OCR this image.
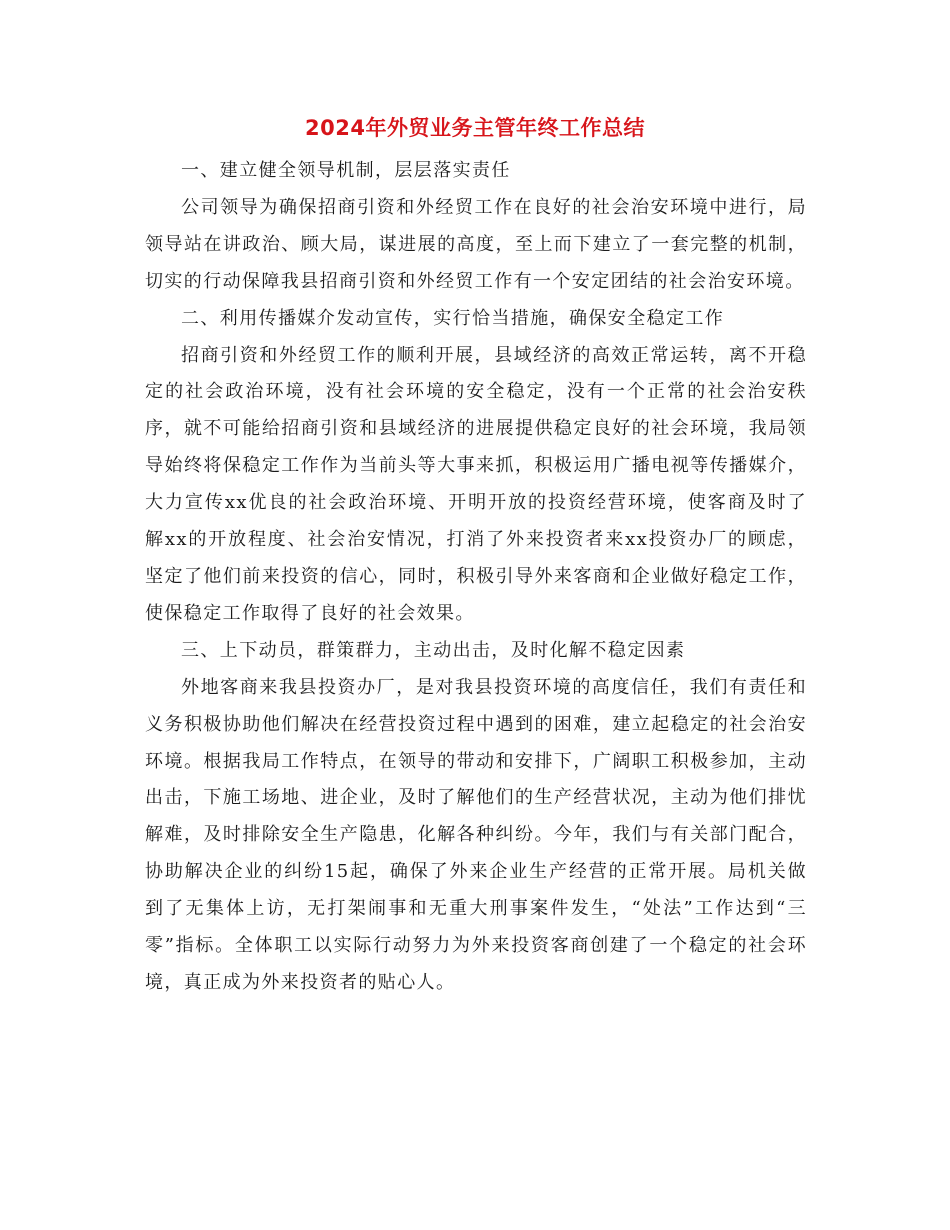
2024年外贸业务主管年终工作总结

一、建立健全领导机制，层层落实责任

公司领导为确保招商引资和外经贸工作在良好的社会治安环境中进行，局领导站在讲政治、顾大局，谋进展的高度，至上而下建立了一套完整的机制，切实的行动保障我县招商引资和外经贸工作有一个安定团结的社会治安环境。

二、利用传播媒介发动宣传，实行恰当措施，确保安全稳定工作

招商引资和外经贸工作的顺利开展，县域经济的高效正常运转，离不开稳定的社会政治环境，没有社会环境的安全稳定，没有一个正常的社会治安秩序，就不可能给招商引资和县域经济的进展提供稳定良好的社会环境，我局领导始终将保稳定工作作为当前头等大事来抓，积极运用广播电视等传播媒介，大力宣传xx优良的社会政治环境、开明开放的投资经营环境，使客商及时了解xx的开放程度、社会治安情况，打消了外来投资者来xx投资办厂的顾虑，坚定了他们前来投资的信心，同时，积极引导外来客商和企业做好稳定工作，使保稳定工作取得了良好的社会效果。

三、上下动员，群策群力，主动出击，及时化解不稳定因素

外地客商来我县投资办厂，是对我县投资环境的高度信任，我们有责任和义务积极协助他们解决在经营投资过程中遇到的困难，建立起稳定的社会治安环境。根据我局工作特点，在领导的带动和安排下，广阔职工积极参加，主动出击，下施工场地、进企业，及时了解他们的生产经营状况，主动为他们排忧解难，及时排除安全生产隐患，化解各种纠纷。今年，我们与有关部门配合，协助解决企业的纠纷15起，确保了外来企业生产经营的正常开展。局机关做到了无集体上访，无打架闹事和无重大刑事案件发生，“处法”工作达到“三零”指标。全体职工以实际行动努力为外来投资客商创建了一个稳定的社会环境，真正成为外来投资者的贴心人。
